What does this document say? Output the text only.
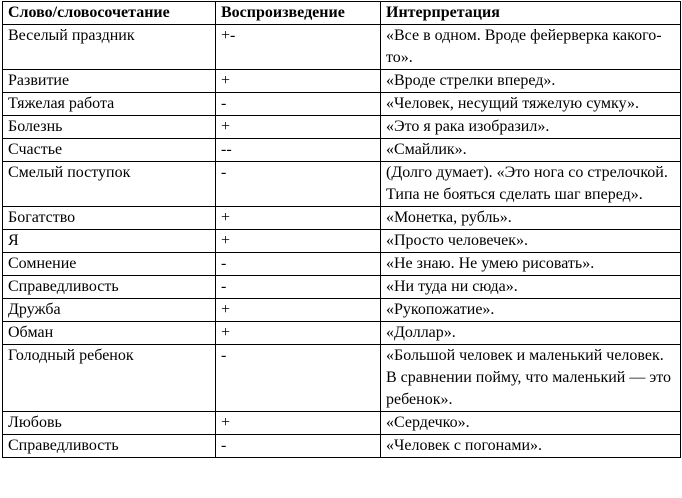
Слово/словосочетание	Воспроизведение	Интерпретация
Веселый праздник	+-	«Все в одном. Вроде фейерверка какого-то».
Развитие	+	«Вроде стрелки вперед».
Тяжелая работа	-	«Человек, несущий тяжелую сумку».
Болезнь	+	«Это я рака изобразил».
Счастье	--	«Смайлик».
Смелый поступок	-	(Долго думает). «Это нога со стрелочкой. Типа не бояться сделать шаг вперед».
Богатство	+	«Монетка, рубль».
Я	+	«Просто человечек».
Сомнение	-	«Не знаю. Не умею рисовать».
Справедливость	-	«Ни туда ни сюда».
Дружба	+	«Рукопожатие».
Обман	+	«Доллар».
Голодный ребенок	-	«Большой человек и маленький человек. В сравнении пойму, что маленький — это ребенок».
Любовь	+	«Сердечко».
Справедливость	-	«Человек с погонами».
